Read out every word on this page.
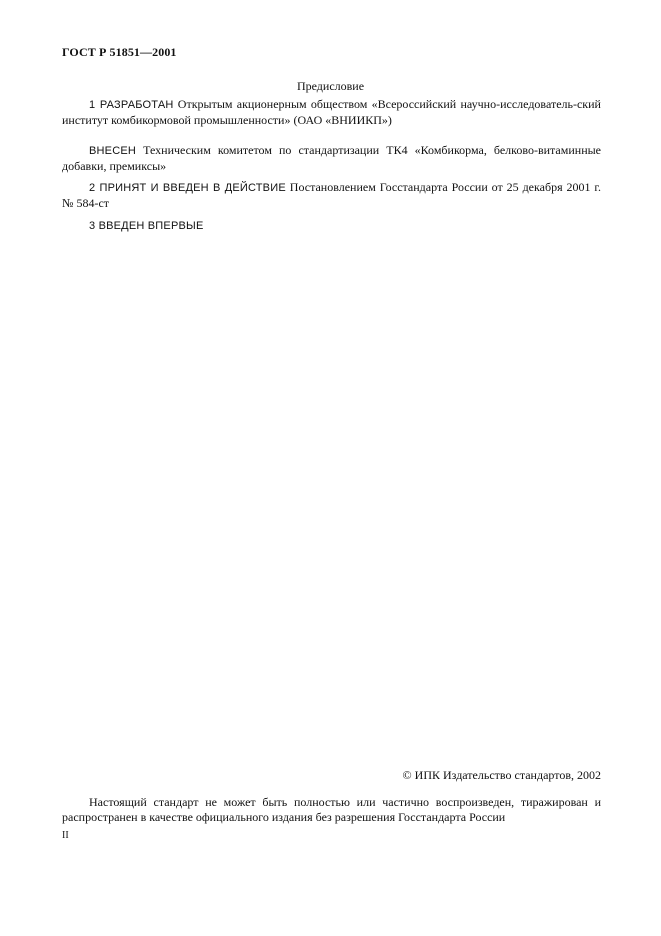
ГОСТ Р 51851—2001
Предисловие

1 РАЗРАБОТАН Открытым акционерным обществом «Всероссийский научно-исследователь-ский институт комбикормовой промышленности» (ОАО «ВНИИКП»)

ВНЕСЕН Техническим комитетом по стандартизации ТК4 «Комбикорма, белково-витаминные добавки, премиксы»

2 ПРИНЯТ И ВВЕДЕН В ДЕЙСТВИЕ Постановлением Госстандарта России от 25 декабря 2001 г. № 584-ст

3 ВВЕДЕН ВПЕРВЫЕ

© ИПК Издательство стандартов, 2002

Настоящий стандарт не может быть полностью или частично воспроизведен, тиражирован и распространен в качестве официального издания без разрешения Госстандарта России

II
